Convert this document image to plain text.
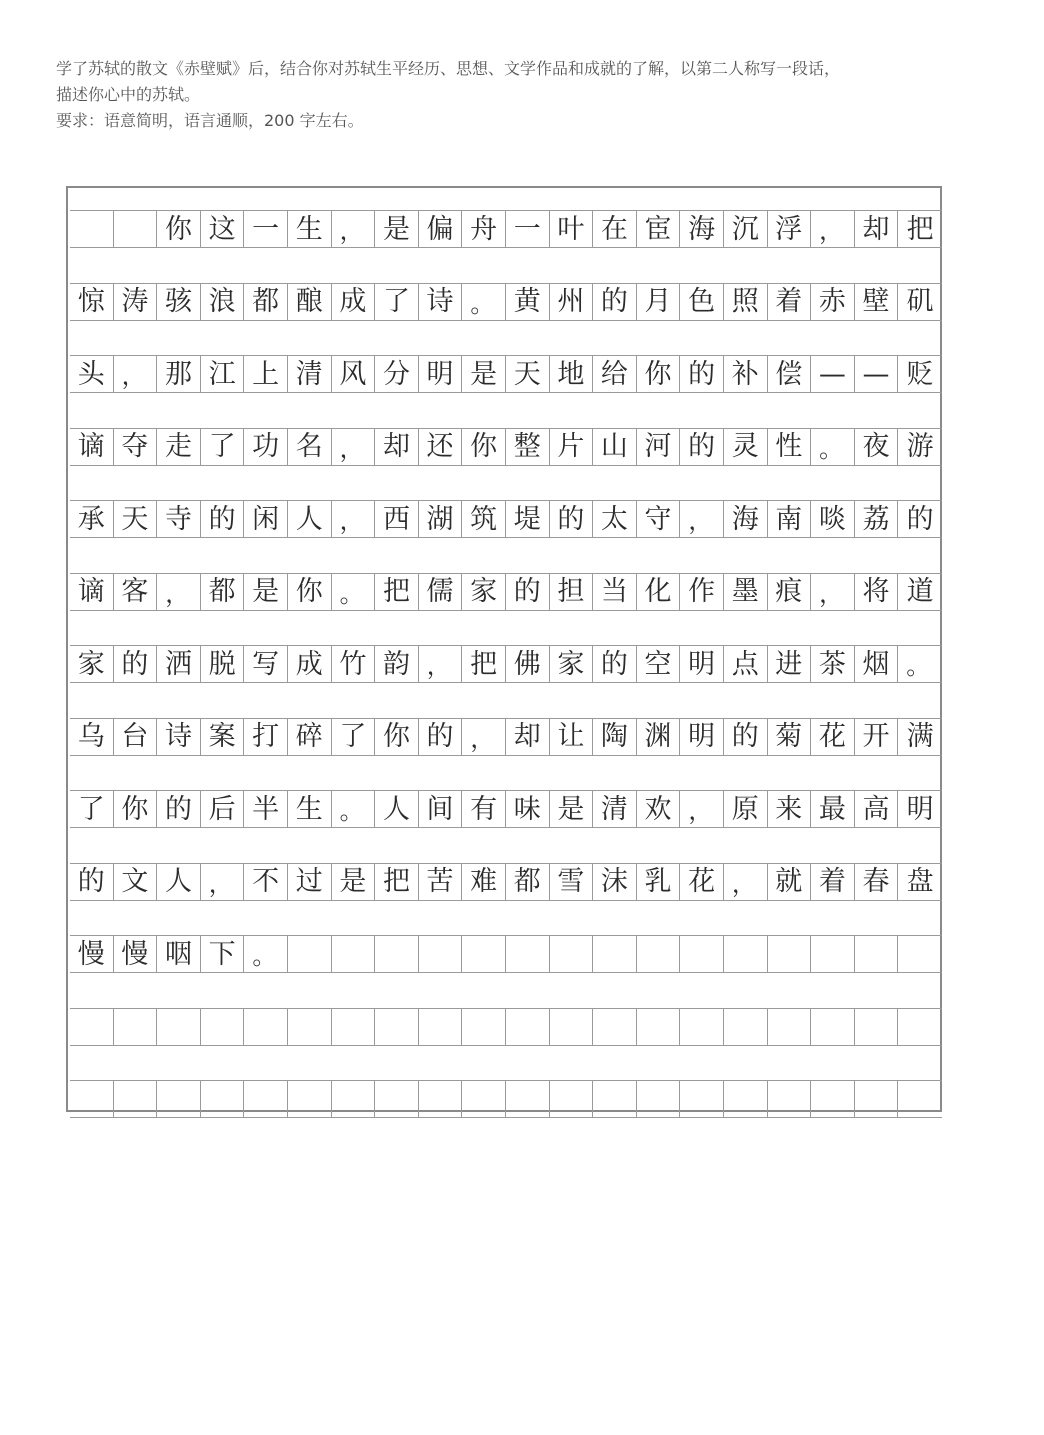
学了苏轼的散文《赤壁赋》后，结合你对苏轼生平经历、思想、文学作品和成就的了解，以第二人称写一段话，
描述你心中的苏轼。
要求：语意简明，语言通顺，200 字左右。
你 这 一 生 ， 是 偏 舟 一 叶 在 宦 海 沉 浮 ， 却 把
惊 涛 骇 浪 都 酿 成 了 诗 。 黄 州 的 月 色 照 着 赤 壁 矶
头 ， 那 江 上 清 风 分 明 是 天 地 给 你 的 补 偿 — — 贬
谪 夺 走 了 功 名 ， 却 还 你 整 片 山 河 的 灵 性 。 夜 游
承 天 寺 的 闲 人 ， 西 湖 筑 堤 的 太 守 ， 海 南 啖 荔 的
谪 客 ， 都 是 你 。 把 儒 家 的 担 当 化 作 墨 痕 ， 将 道
家 的 洒 脱 写 成 竹 韵 ， 把 佛 家 的 空 明 点 进 茶 烟 。
乌 台 诗 案 打 碎 了 你 的 ， 却 让 陶 渊 明 的 菊 花 开 满
了 你 的 后 半 生 。 人 间 有 味 是 清 欢 ， 原 来 最 高 明
的 文 人 ， 不 过 是 把 苦 难 都 雪 沫 乳 花 ， 就 着 春 盘
慢 慢 咽 下 。
